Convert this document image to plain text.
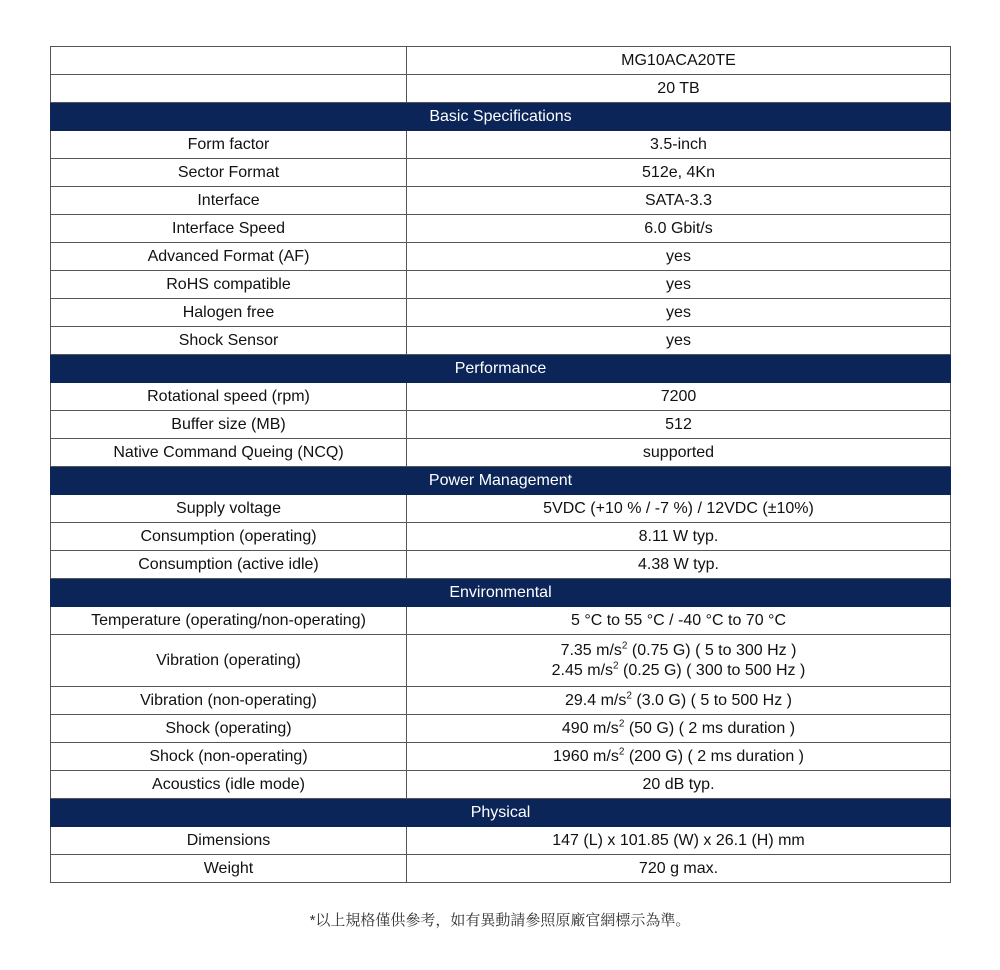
	MG10ACA20TE
	20 TB
Basic Specifications	
Form factor	3.5-inch
Sector Format	512e, 4Kn
Interface	SATA-3.3
Interface Speed	6.0 Gbit/s
Advanced Format (AF)	yes
RoHS compatible	yes
Halogen free	yes
Shock Sensor	yes
Performance	
Rotational speed (rpm)	7200
Buffer size (MB)	512
Native Command Queing (NCQ)	supported
Power Management	
Supply voltage	5VDC (+10 % / -7 %) / 12VDC (±10%)
Consumption (operating)	8.11 W typ.
Consumption (active idle)	4.38 W typ.
Environmental	
Temperature (operating/non-operating)	5 °C to 55 °C / -40 °C to 70 °C
Vibration (operating)	7.35 $m/s^2$ (0.75 G) ( 5 to 300 Hz )
2.45 $m/s^2$ (0.25 G) ( 300 to 500 Hz )

Vibration (non-operating)	29.4 $m/s^2$ (3.0 G) ( 5 to 500 Hz )
Shock (operating)	490 $m/s^2$ (50 G) ( 2 ms duration )
Shock (non-operating)	1960 $m/s^2$ (200 G) ( 2 ms duration )
Acoustics (idle mode)	20 dB typ.
Physical	
Dimensions	147 (L) x 101.85 (W) x 26.1 (H) mm
Weight	720 g max.
*以上規格僅供參考，如有異動請參照原廠官網標示為準。
